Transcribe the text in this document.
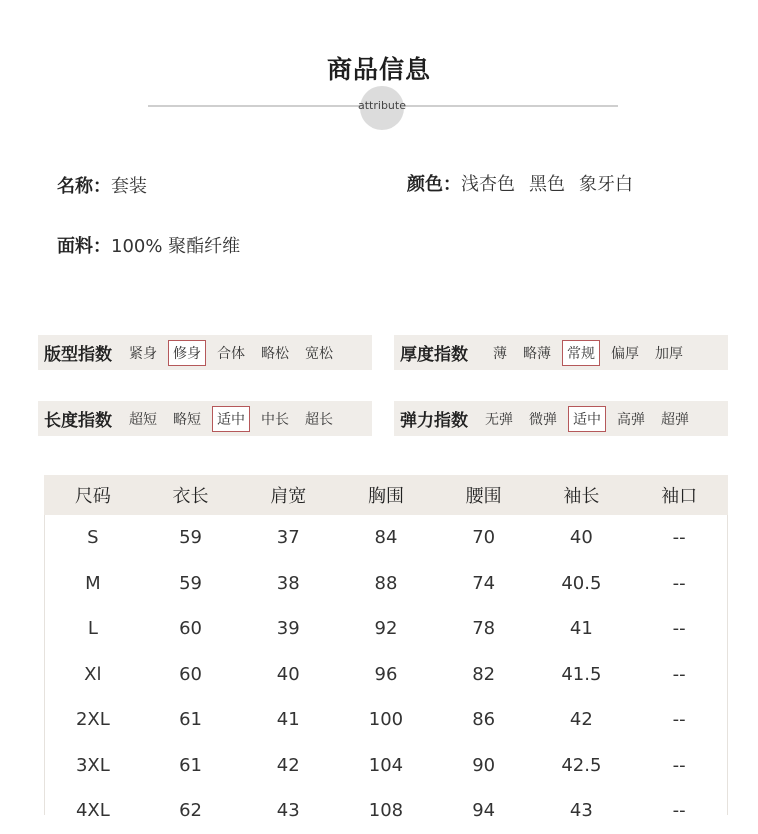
商品信息
attribute
名称：套装	颜色：浅杏色 黑色 象牙白
面料：100% 聚酯纤维
版型指数	紧身	修身	合体	略松	宽松	厚度指数	薄	略薄	常规	偏厚	加厚
长度指数	超短	略短	适中	中长	超长	弹力指数	无弹	微弹	适中	高弹	超弹
尺码	衣长	肩宽	胸围	腰围	袖长	袖口
S	59	37	84	70	40	--
M	59	38	88	74	40.5	--
L	60	39	92	78	41	--
Xl	60	40	96	82	41.5	--
2XL	61	41	100	86	42	--
3XL	61	42	104	90	42.5	--
4XL	62	43	108	94	43	--
